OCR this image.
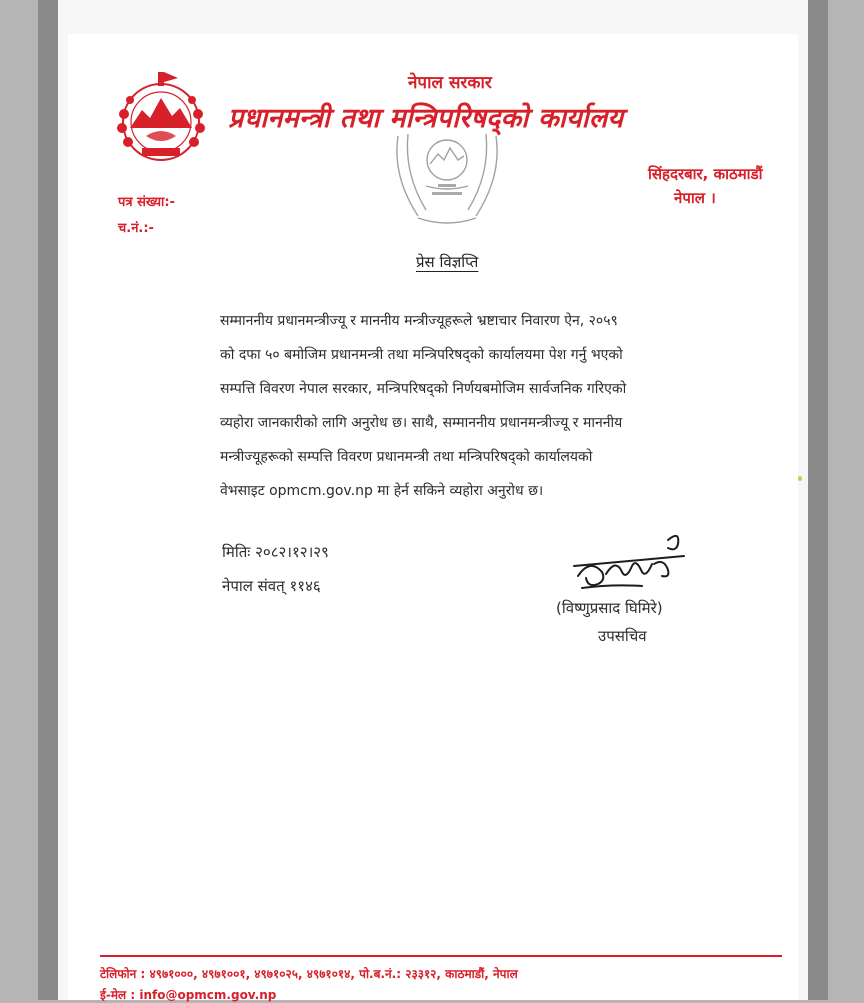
नेपाल सरकार
प्रधानमन्त्री तथा मन्त्रिपरिषद्को कार्यालय
सिंहदरबार, काठमाडौं
नेपाल ।
पत्र संख्या:-
च.नं.:-
प्रेस विज्ञप्ति
सम्माननीय प्रधानमन्त्रीज्यू र माननीय मन्त्रीज्यूहरूले भ्रष्टाचार निवारण ऐन, २०५९
को दफा ५० बमोजिम प्रधानमन्त्री तथा मन्त्रिपरिषद्को कार्यालयमा पेश गर्नु भएको
सम्पत्ति विवरण नेपाल सरकार, मन्त्रिपरिषद्को निर्णयबमोजिम सार्वजनिक गरिएको
व्यहोरा जानकारीको लागि अनुरोध छ। साथै, सम्माननीय प्रधानमन्त्रीज्यू र माननीय
मन्त्रीज्यूहरूको सम्पत्ति विवरण प्रधानमन्त्री तथा मन्त्रिपरिषद्को कार्यालयको
वेभसाइट opmcm.gov.np मा हेर्न सकिने व्यहोरा अनुरोध छ।
मितिः २०८२।१२।२९
नेपाल संवत् ११४६
(विष्णुप्रसाद घिमिरे)
उपसचिव
टेलिफोन : ४९७१०००, ४९७१००१, ४९७१०२५, ४९७१०१४, पो.ब.नं.: २३३१२, काठमाडौं, नेपाल
ई-मेल : info@opmcm.gov.np
